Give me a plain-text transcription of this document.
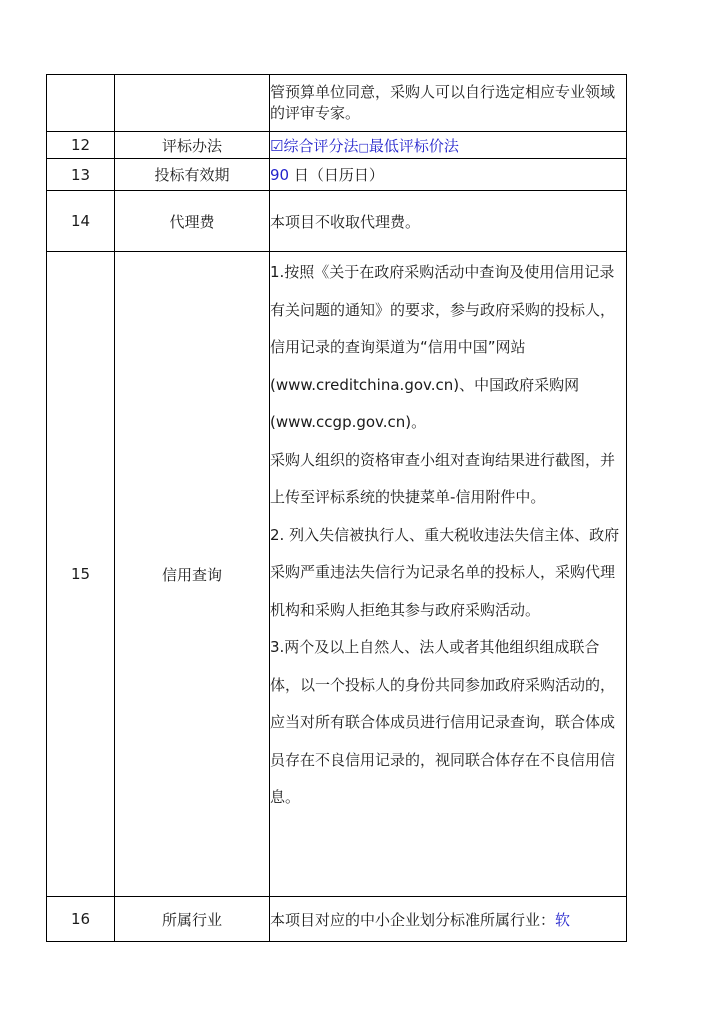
		管预算单位同意，采购人可以自行选定相应专业领域的评审专家。
12	评标办法	☑综合评分法□最低评标价法
13	投标有效期	90 日（日历日）
14	代理费	本项目不收取代理费。
15	信用查询	1.按照《关于在政府采购活动中查询及使用信用记录有关问题的通知》的要求，参与政府采购的投标人，信用记录的查询渠道为“信用中国”网站(www.creditchina.gov.cn)、中国政府采购网(www.ccgp.gov.cn)。

采购人组织的资格审查小组对查询结果进行截图，并上传至评标系统的快捷菜单-信用附件中。

2. 列入失信被执行人、重大税收违法失信主体、政府采购严重违法失信行为记录名单的投标人，采购代理机构和采购人拒绝其参与政府采购活动。

3.两个及以上自然人、法人或者其他组织组成联合体，以一个投标人的身份共同参加政府采购活动的，应当对所有联合体成员进行信用记录查询，联合体成员存在不良信用记录的，视同联合体存在不良信用信息。

16	所属行业	本项目对应的中小企业划分标准所属行业：软
